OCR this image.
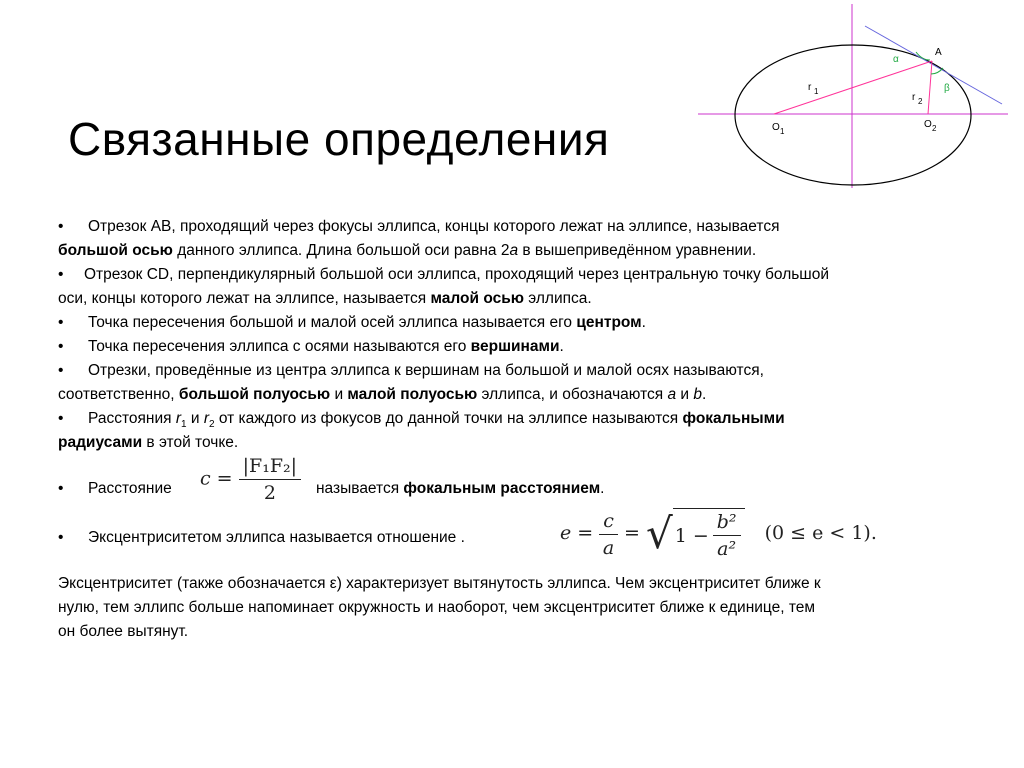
Связанные определения
A
α
β
r 1
r 2
O 1
O 2
• Отрезок AB, проходящий через фокусы эллипса, концы которого лежат на эллипсе, называется
большой осью данного эллипса. Длина большой оси равна 2a в вышеприведённом уравнении.
• Отрезок CD, перпендикулярный большой оси эллипса, проходящий через центральную точку большой
оси, концы которого лежат на эллипсе, называется малой осью эллипса.
• Точка пересечения большой и малой осей эллипса называется его центром.
• Точка пересечения эллипса с осями называются его вершинами.
• Отрезки, проведённые из центра эллипса к вершинам на большой и малой осях называются,
соответственно, большой полуосью и малой полуосью эллипса, и обозначаются a и b.
• Расстояния $r_1$ и $r_2$ от каждого из фокусов до данной точки на эллипсе называются фокальными
радиусами в этой точке.
• Расстояние $c = \frac{\text{|F₁F₂|}}{2}$ называется фокальным расстоянием.
• Эксцентриситетом эллипса называется отношение .	$e = \frac{c}{a}$ = √ $1 - \frac{\text{b²}}{\text{a²}} (0 \le e < 1)$.
Эксцентриситет (также обозначается ε) характеризует вытянутость эллипса. Чем эксцентриситет ближе к
нулю, тем эллипс больше напоминает окружность и наоборот, чем эксцентриситет ближе к единице, тем
он более вытянут.
